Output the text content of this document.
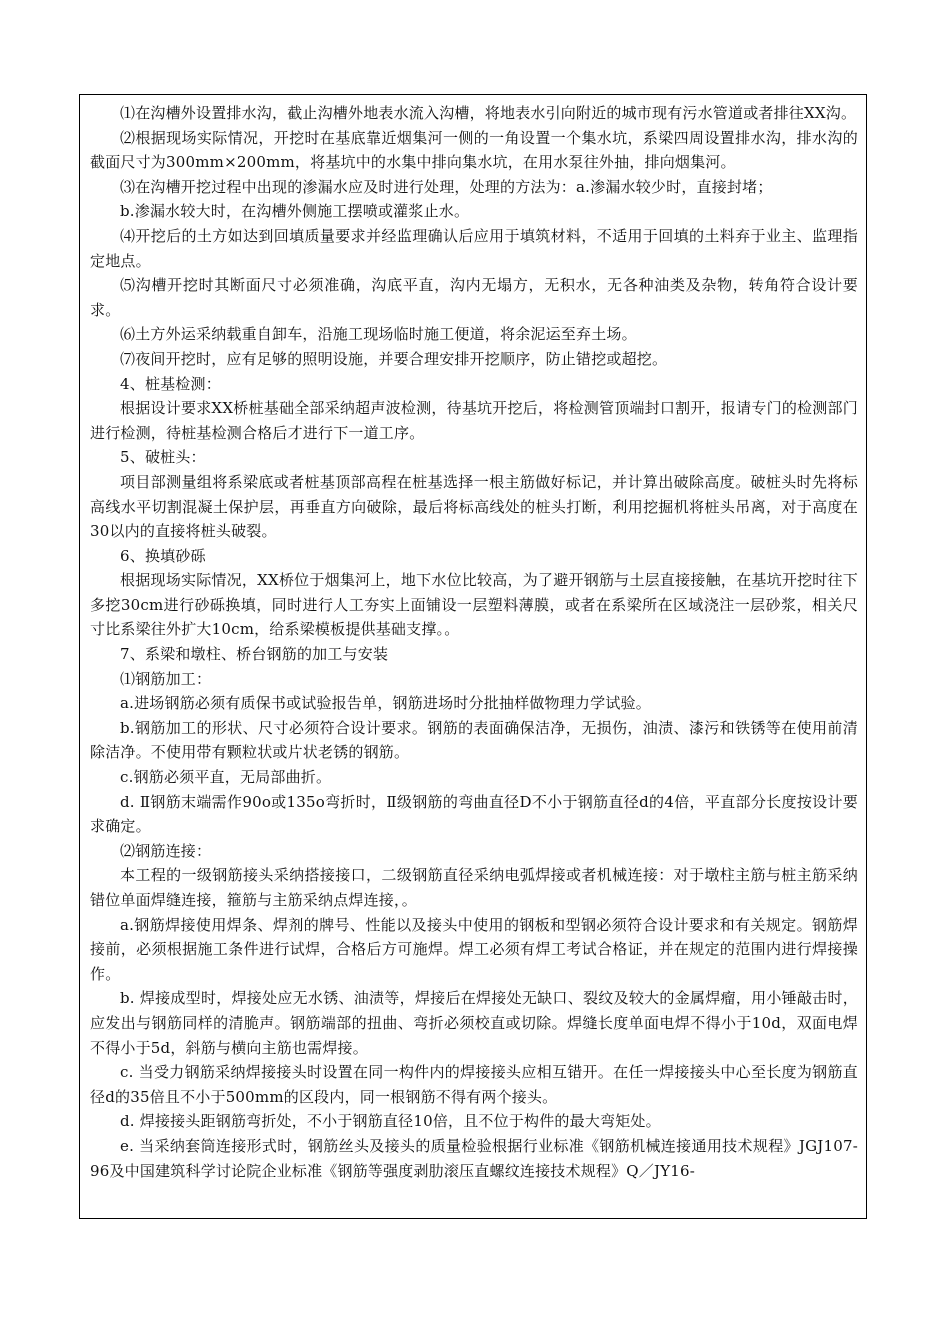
⑴在沟槽外设置排水沟，截止沟槽外地表水流入沟槽，将地表水引向附近的城市现有污水管道或者排往XX沟。

⑵根据现场实际情况，开挖时在基底靠近烟集河一侧的一角设置一个集水坑，系梁四周设置排水沟，排水沟的截面尺寸为300mm×200mm，将基坑中的水集中排向集水坑，在用水泵往外抽，排向烟集河。

⑶在沟槽开挖过程中出现的渗漏水应及时进行处理，处理的方法为：a.渗漏水较少时，直接封堵；

b.渗漏水较大时，在沟槽外侧施工摆喷或灌浆止水。

⑷开挖后的土方如达到回填质量要求并经监理确认后应用于填筑材料，不适用于回填的土料弃于业主、监理指定地点。

⑸沟槽开挖时其断面尺寸必须准确，沟底平直，沟内无塌方，无积水，无各种油类及杂物，转角符合设计要求。

⑹土方外运采纳载重自卸车，沿施工现场临时施工便道，将余泥运至弃土场。

⑺夜间开挖时，应有足够的照明设施，并要合理安排开挖顺序，防止错挖或超挖。

4、桩基检测：

根据设计要求XX桥桩基础全部采纳超声波检测，待基坑开挖后，将检测管顶端封口割开，报请专门的检测部门进行检测，待桩基检测合格后才进行下一道工序。

5、破桩头：

项目部测量组将系梁底或者桩基顶部高程在桩基选择一根主筋做好标记，并计算出破除高度。破桩头时先将标高线水平切割混凝土保护层，再垂直方向破除，最后将标高线处的桩头打断，利用挖掘机将桩头吊离，对于高度在30以内的直接将桩头破裂。

6、换填砂砾

根据现场实际情况，XX桥位于烟集河上，地下水位比较高，为了避开钢筋与土层直接接触，在基坑开挖时往下多挖30cm进行砂砾换填，同时进行人工夯实上面铺设一层塑料薄膜，或者在系梁所在区域浇注一层砂浆，相关尺寸比系梁往外扩大10cm，给系梁模板提供基础支撑。。

7、系梁和墩柱、桥台钢筋的加工与安装

⑴钢筋加工：

a.进场钢筋必须有质保书或试验报告单，钢筋进场时分批抽样做物理力学试验。

b.钢筋加工的形状、尺寸必须符合设计要求。钢筋的表面确保洁净，无损伤，油渍、漆污和铁锈等在使用前清除洁净。不使用带有颗粒状或片状老锈的钢筋。

c.钢筋必须平直，无局部曲折。

d. Ⅱ钢筋末端需作90o或135o弯折时，Ⅱ级钢筋的弯曲直径D不小于钢筋直径d的4倍，平直部分长度按设计要求确定。

⑵钢筋连接：

本工程的一级钢筋接头采纳搭接接口，二级钢筋直径采纳电弧焊接或者机械连接：对于墩柱主筋与桩主筋采纳错位单面焊缝连接，箍筋与主筋采纳点焊连接，。

a.钢筋焊接使用焊条、焊剂的牌号、性能以及接头中使用的钢板和型钢必须符合设计要求和有关规定。钢筋焊接前，必须根据施工条件进行试焊，合格后方可施焊。焊工必须有焊工考试合格证，并在规定的范围内进行焊接操作。

b. 焊接成型时，焊接处应无水锈、油渍等，焊接后在焊接处无缺口、裂纹及较大的金属焊瘤，用小锤敲击时，应发出与钢筋同样的清脆声。钢筋端部的扭曲、弯折必须校直或切除。焊缝长度单面电焊不得小于10d，双面电焊不得小于5d，斜筋与横向主筋也需焊接。

c. 当受力钢筋采纳焊接接头时设置在同一构件内的焊接接头应相互错开。在任一焊接接头中心至长度为钢筋直径d的35倍且不小于500mm的区段内，同一根钢筋不得有两个接头。

d. 焊接接头距钢筋弯折处，不小于钢筋直径10倍，且不位于构件的最大弯矩处。

e. 当采纳套筒连接形式时，钢筋丝头及接头的质量检验根据行业标准《钢筋机械连接通用技术规程》JGJ107-96及中国建筑科学讨论院企业标准《钢筋等强度剥肋滚压直螺纹连接技术规程》Q／JY16-
